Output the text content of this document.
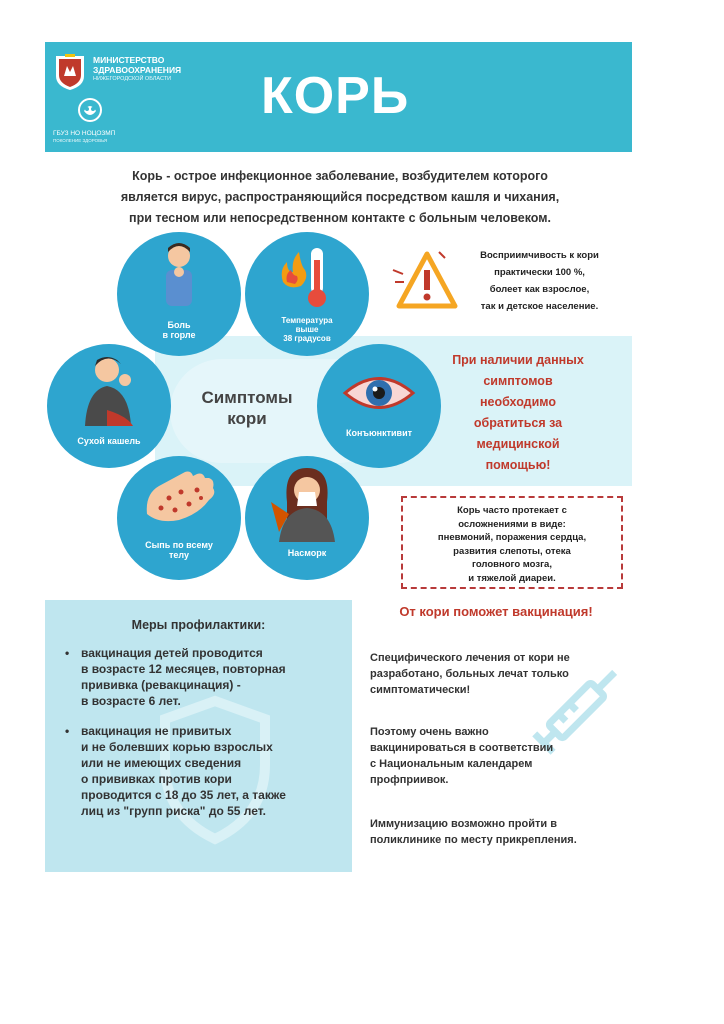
МИНИСТЕРСТВО
ЗДРАВООХРАНЕНИЯ
НИЖЕГОРОДСКОЙ ОБЛАСТИ
ГБУЗ НО НОЦОЗМП
ПОКОЛЕНИЕ ЗДОРОВЬЯ
КОРЬ
Корь - острое инфекционное заболевание, возбудителем которого
является вирус, распространяющийся посредством кашля и чихания,
при тесном или непосредственном контакте с больным человеком.
Симптомы
кори
Боль
в горле
Температура
выше
38 градусов
Сухой кашель
Конъюнктивит
Сыпь по всему
телу	Насморк
Восприимчивость к кори
практически 100 %,
болеет как взрослое,
так и детское население.
При наличии данных
симптомов
необходимо
обратиться за
медицинской
помощью!
Корь часто протекает с
осложнениями в виде:
пневмоний, поражения сердца,
развития слепоты, отека
головного мозга,
и тяжелой диареи.
Меры профилактики:
• вакцинация детей проводится
в возрасте 12 месяцев, повторная
прививка (ревакцинация) -
в возрасте 6 лет.
• вакцинация не привитых
и не болевших корью взрослых
или не имеющих сведения
о прививках против кори
проводится с 18 до 35 лет, а также
лиц из "групп риска" до 55 лет.
От кори поможет вакцинация!
Специфического лечения от кори не
разработано, больных лечат только
симптоматически!
Поэтому очень важно
вакцинироваться в соответствии
с Национальным календарем
профприивок.
Иммунизацию возможно пройти в
поликлинике по месту прикрепления.
